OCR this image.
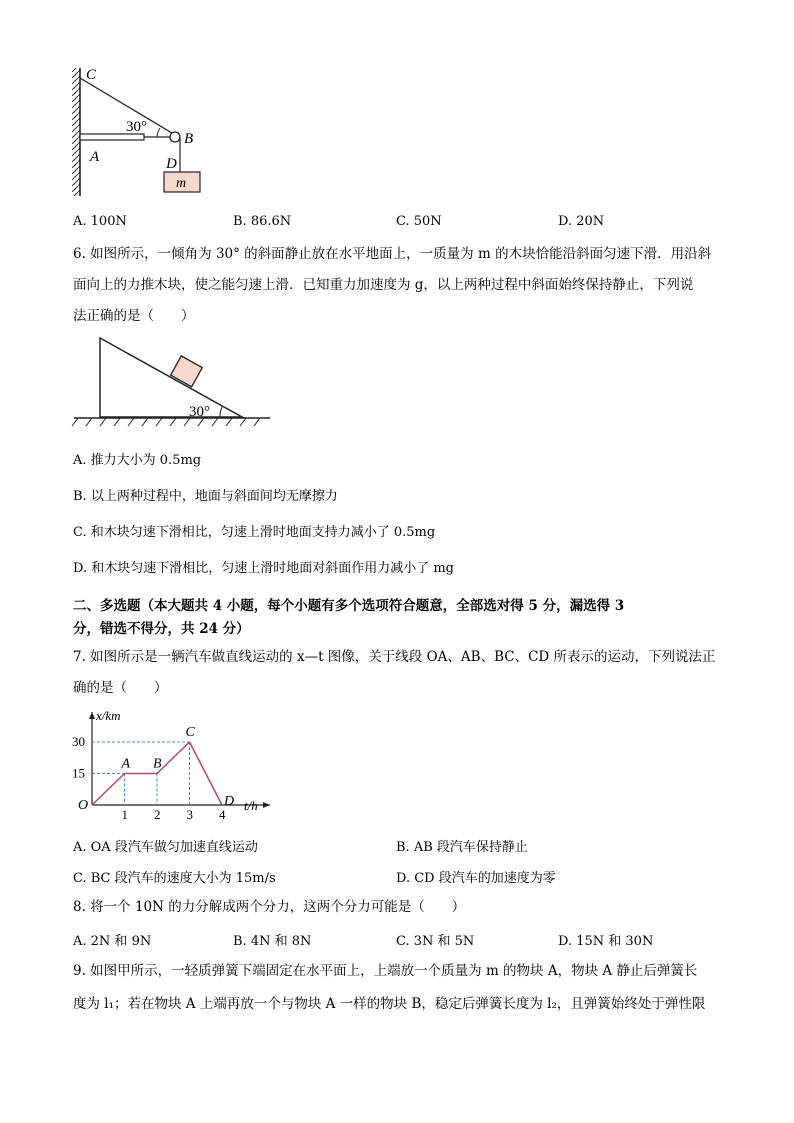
C
B
A	D
m
30°
A. 100N	B. 86.6N	C. 50N	D. 20N
6. 如图所示，一倾角为 30° 的斜面静止放在水平地面上，一质量为 m 的木块恰能沿斜面匀速下滑．用沿斜
面向上的力推木块，使之能匀速上滑．已知重力加速度为 g，以上两种过程中斜面始终保持静止，下列说
法正确的是（　　）
30°
A. 推力大小为 0.5mg
B. 以上两种过程中，地面与斜面间均无摩擦力
C. 和木块匀速下滑相比，匀速上滑时地面支持力减小了 0.5mg
D. 和木块匀速下滑相比，匀速上滑时地面对斜面作用力减小了 mg
二、多选题（本大题共 4 小题，每个小题有多个选项符合题意，全部选对得 5 分，漏选得 3
分，错选不得分，共 24 分）
7. 如图所示是一辆汽车做直线运动的 x—t 图像，关于线段 OA、AB、BC、CD 所表示的运动，下列说法正
确的是（　　）
1 2 3 4
15
30
O
A B
C
D
x/km
t/h
A. OA 段汽车做匀加速直线运动	B. AB 段汽车保持静止
C. BC 段汽车的速度大小为 15m/s	D. CD 段汽车的加速度为零
8. 将一个 10N 的力分解成两个分力，这两个分力可能是（　　）
A. 2N 和 9N	B. 4N 和 8N	C. 3N 和 5N	D. 15N 和 30N
9. 如图甲所示，一轻质弹簧下端固定在水平面上，上端放一个质量为 m 的物块 A，物块 A 静止后弹簧长
度为 l₁；若在物块 A 上端再放一个与物块 A 一样的物块 B，稳定后弹簧长度为 l₂，且弹簧始终处于弹性限
